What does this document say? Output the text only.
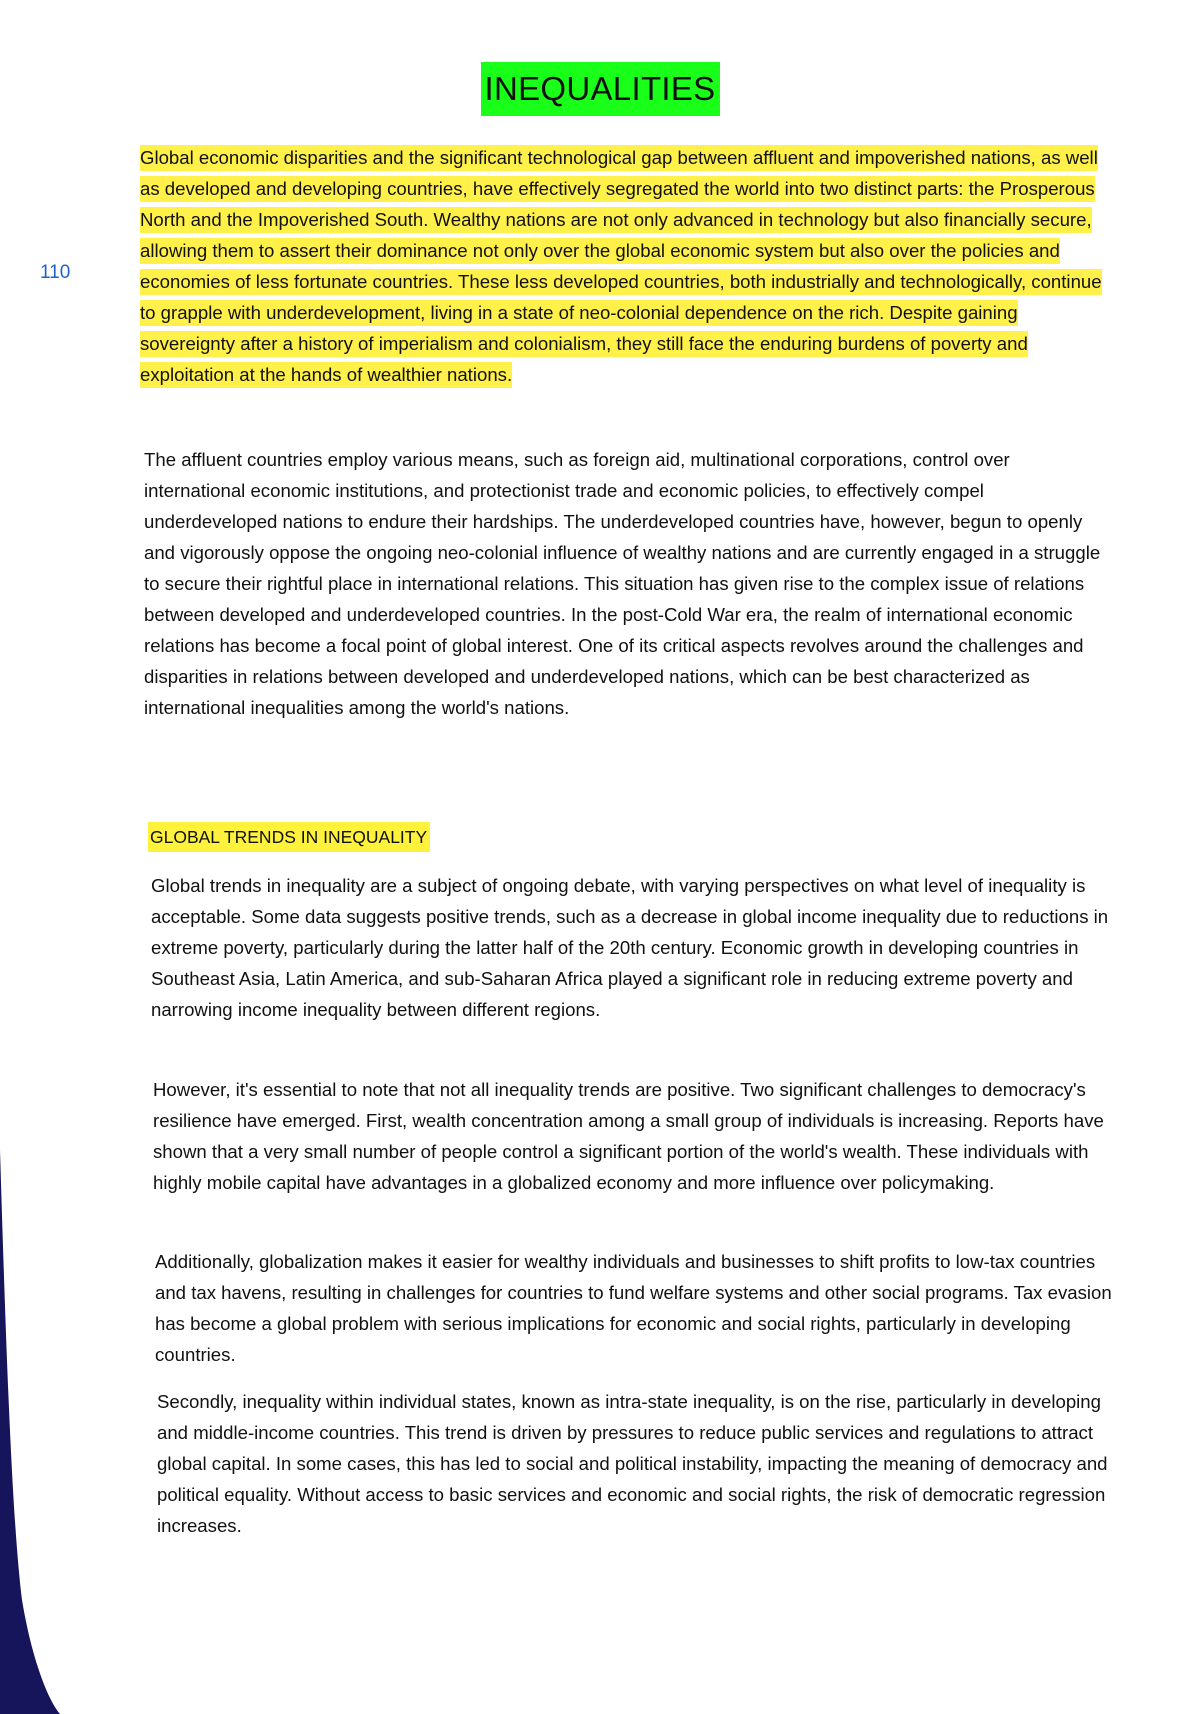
110
INEQUALITIES

Global economic disparities and the significant technological gap between affluent and impoverished nations, as well as developed and developing countries, have effectively segregated the world into two distinct parts: the Prosperous North and the Impoverished South. Wealthy nations are not only advanced in technology but also financially secure, allowing them to assert their dominance not only over the global economic system but also over the policies and economies of less fortunate countries. These less developed countries, both industrially and technologically, continue to grapple with underdevelopment, living in a state of neo-colonial dependence on the rich. Despite gaining sovereignty after a history of imperialism and colonialism, they still face the enduring burdens of poverty and exploitation at the hands of wealthier nations.

The affluent countries employ various means, such as foreign aid, multinational corporations, control over international economic institutions, and protectionist trade and economic policies, to effectively compel underdeveloped nations to endure their hardships. The underdeveloped countries have, however, begun to openly and vigorously oppose the ongoing neo-colonial influence of wealthy nations and are currently engaged in a struggle to secure their rightful place in international relations. This situation has given rise to the complex issue of relations between developed and underdeveloped countries. In the post-Cold War era, the realm of international economic relations has become a focal point of global interest. One of its critical aspects revolves around the challenges and disparities in relations between developed and underdeveloped nations, which can be best characterized as international inequalities among the world's nations.

GLOBAL TRENDS IN INEQUALITY

Global trends in inequality are a subject of ongoing debate, with varying perspectives on what level of inequality is acceptable. Some data suggests positive trends, such as a decrease in global income inequality due to reductions in extreme poverty, particularly during the latter half of the 20th century. Economic growth in developing countries in Southeast Asia, Latin America, and sub-Saharan Africa played a significant role in reducing extreme poverty and narrowing income inequality between different regions.

However, it's essential to note that not all inequality trends are positive. Two significant challenges to democracy's resilience have emerged. First, wealth concentration among a small group of individuals is increasing. Reports have shown that a very small number of people control a significant portion of the world's wealth. These individuals with highly mobile capital have advantages in a globalized economy and more influence over policymaking.

Additionally, globalization makes it easier for wealthy individuals and businesses to shift profits to low-tax countries and tax havens, resulting in challenges for countries to fund welfare systems and other social programs. Tax evasion has become a global problem with serious implications for economic and social rights, particularly in developing countries.

Secondly, inequality within individual states, known as intra-state inequality, is on the rise, particularly in developing and middle-income countries. This trend is driven by pressures to reduce public services and regulations to attract global capital. In some cases, this has led to social and political instability, impacting the meaning of democracy and political equality. Without access to basic services and economic and social rights, the risk of democratic regression increases.
